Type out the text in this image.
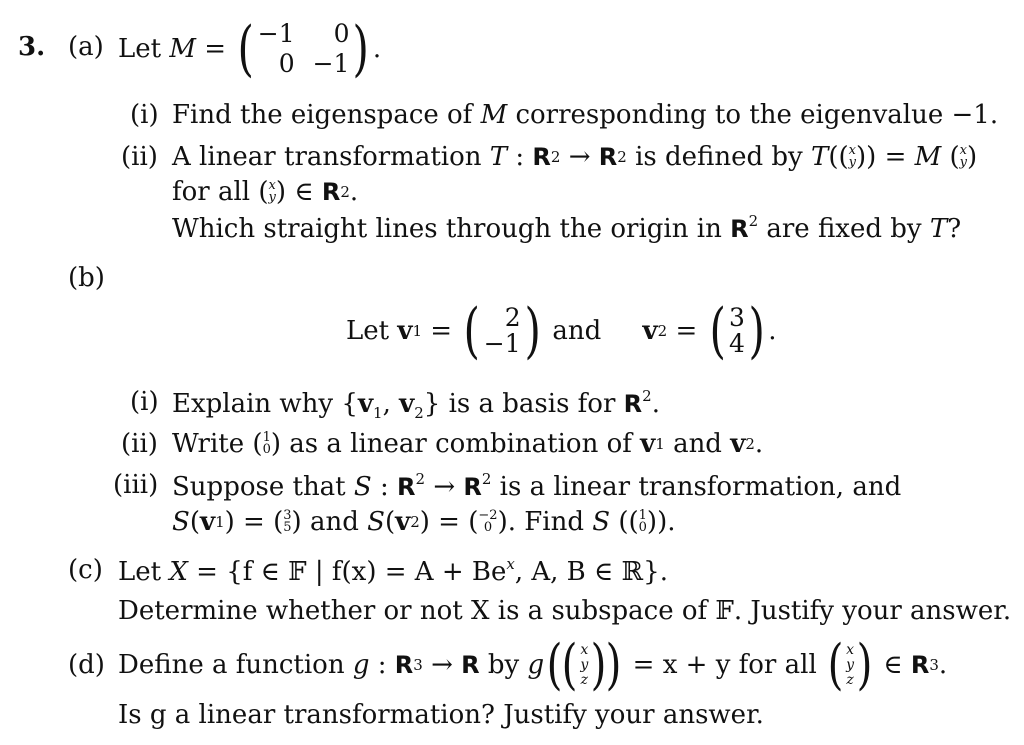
3. (a) Let
M
=
( −1	0
0 −1 ) .
(i) Find the eigenspace of M corresponding to the eigenvalue −1.
(ii) A linear transformation
T
:
R 2
→
R 2
is defined by
T (( x
y ))
=
M ( x
y )
for all ( x
y )
∈
R 2 .
Which straight lines through the origin in $R^2$ are fixed by T?
(b)
Let
v 1
=
( 2
−1 )
and
v 2
=
( 3
4 ) .
(i) Explain why {$v_1$, $v_2$} is a basis for $R^2$.
(ii) Write ( 1
0 ) as a linear combination of
v 1
and
v 2 .
(iii) Suppose that S : $R^2 \to R^2$ is a linear transformation, and
S ( v 1 ) = ( 3
5 ) and
S ( v 2 ) = ( −2
0 ). Find
S (( 1
0 )).
(c) Let X = {f ∈ 𝔽 | $f(x) = A + Be^x$, A, B ∈ ℝ}.
Determine whether or not X is a subspace of 𝔽. Justify your answer.
(d) Define a function
g
:
R 3
→
R
by
g ( ( x
y
z ) )
= x + y for all
( x
y
z )
∈
R 3 .
Is g a linear transformation? Justify your answer.
